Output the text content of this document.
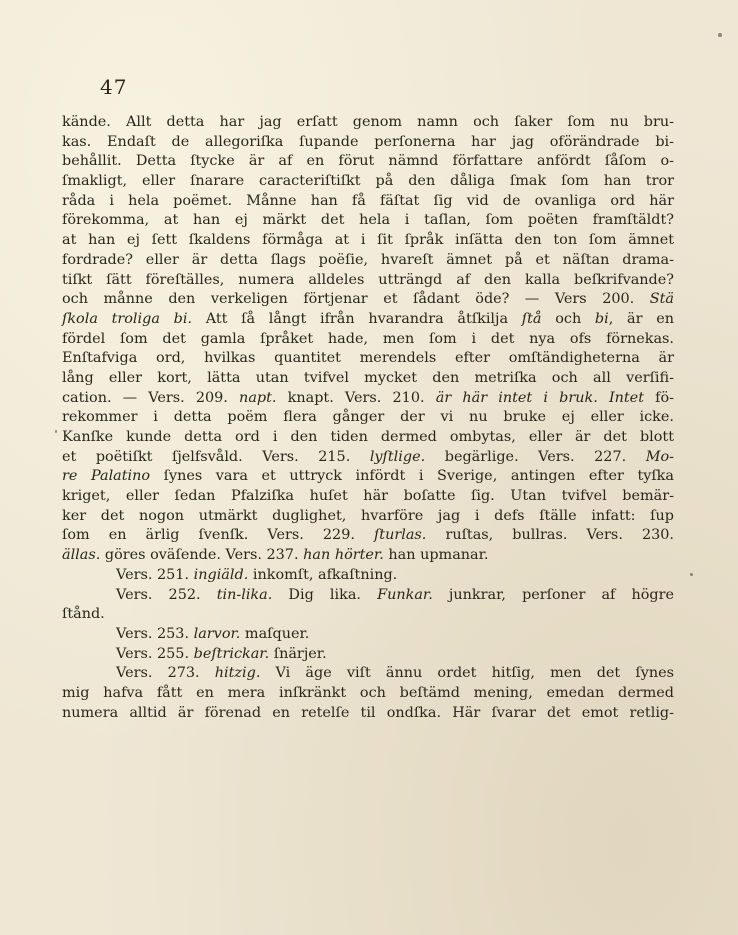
47
kände. Allt detta har jag erſatt genom namn och ſaker ſom nu bru-
kas. Endaſt de allegoriſka ſupande perſonerna har jag oförändrade bi-
behållit. Detta ſtycke är af en förut nämnd författare anfördt ſåſom o-
ſmakligt, eller ſnarare caracteriſtiſkt på den dåliga ſmak ſom han tror
råda i hela poëmet. Månne han få fäſtat ſig vid de ovanliga ord här
förekomma, at han ej märkt det hela i taſlan, ſom poëten framſtäldt?
at han ej ſett ſkaldens förmåga at i ſit ſpråk inſätta den ton ſom ämnet
fordrade? eller är detta ſlags poëſie, hvareſt ämnet på et näſtan drama-
tiſkt ſätt föreſtälles, numera alldeles utträngd af den kalla beſkrifvande?
och månne den verkeligen förtjenar et ſådant öde? — Vers 200. Stä
ſkola troliga bi. Att ſå långt ifrån hvarandra åtſkilja ſtå och bi, är en
fördel ſom det gamla ſpråket hade, men ſom i det nya ofs förnekas.
Enſtafviga ord, hvilkas quantitet merendels efter omſtändigheterna är
lång eller kort, lätta utan tvifvel mycket den metriſka och all verſifi-
cation. — Vers. 209. napt. knapt. Vers. 210. är här intet i bruk. Intet fö-
rekommer i detta poëm flera gånger der vi nu bruke ej eller icke.
Kanſke kunde detta ord i den tiden dermed ombytas, eller är det blott
et poëtiſkt ſjelfsvåld. Vers. 215. lyſtlige. begärlige. Vers. 227. Mo-
re Palatino ſynes vara et uttryck infördt i Sverige, antingen efter tyſka
kriget, eller ſedan Pfalziſka huſet här boſatte ſig. Utan tvifvel bemär-
ker det nogon utmärkt duglighet, hvarföre jag i defs ſtälle infatt: ſup
ſom en ärlig ſvenſk. Vers. 229. ſturlas. ruſtas, bullras. Vers. 230.
ällas. göres oväſende. Vers. 237. han hörter. han upmanar.
Vers. 251. ingiäld. inkomſt, afkaſtning.
Vers. 252. tin-lika. Dig lika. Funkar. junkrar, perſoner af högre
ſtånd.
Vers. 253. larvor. maſquer.
Vers. 255. beſtrickar. ſnärjer.
Vers. 273. hitzig. Vi äge viſt ännu ordet hitſig, men det ſynes
mig hafva fått en mera inſkränkt och beſtämd mening, emedan dermed
numera alltid är förenad en retelſe til ondſka. Här ſvarar det emot retlig-
